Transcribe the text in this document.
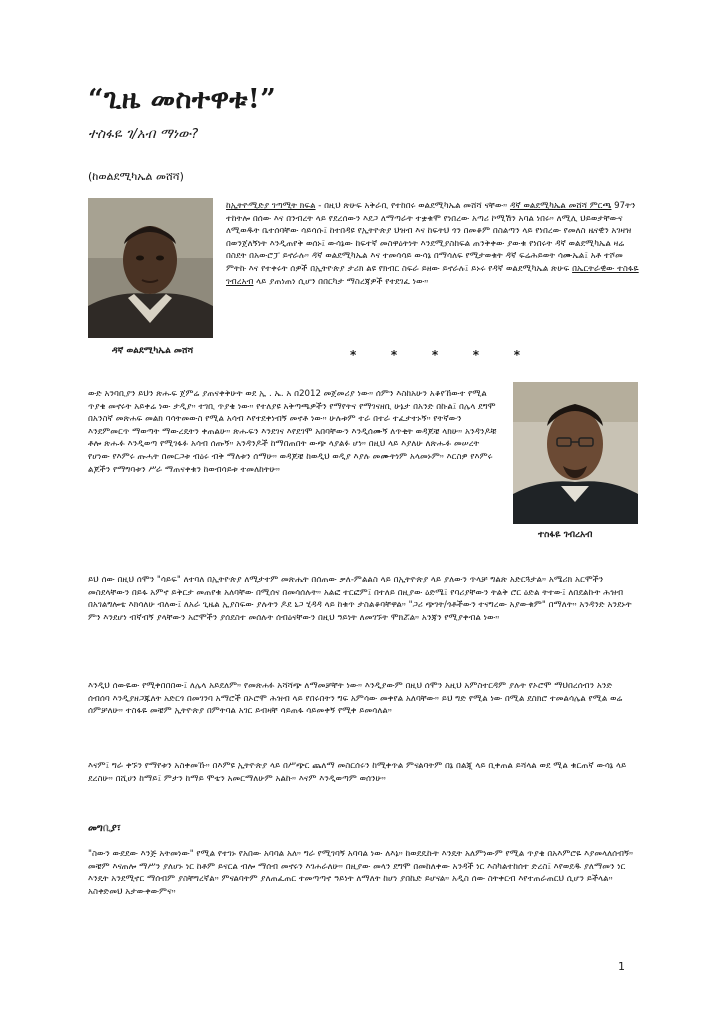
“ጊዜ መስተዋቱ!”

ተስፋዬ ገ/አብ ማነው?

(ከወልደሚካኤል መሸሻ)

ዳኛ ወልደሚካኤል መሸሻ

ከኢትዮሚድያ ገጣሚት ክፍል - በዚህ ጽሁፍ አቅራቢ የተከበሩ ወልደሚካኤል መሸሻ ናቸው። ዳኛ ወልደሚካኤል መሸሻ ምርጫ 97ትን ተከትሎ በሰው እና በንብረት ላይ የደረሰውን እደጋ ለማጣራት ተቋቁሞ የነበረው አጣሪ ኮሚሽን አባል ነበሩ። ለሚሊ ህይወታቸውና ለሚወዱት ቤተሰባቸው ሳይሳሱ፤ ከተበዳዩ የኢትዮጵያ ህዝብ እና ከፍትህ ጎን በመቆም በስልጣን ላይ የነበረው የመለስ ዜናዊን አገዛዝ በወንጀለኝነት እንዲጠየቅ ወሰኑ፤ ውሳኔው ከፍተኛ መስዋዕትነት እንደሚያስከፍል ጠንቅቀው ያውቁ የነበሩት ዳኛ ወልደሚካኤል ዛሬ በስደት በአውሮፓ ይኖራሉ። ዳኛ ወልደሚካኤል እና ተመሳሳይ ውሳኔ በማሳለፍ የሚታወቁት ዳኛ ፍሬሕይወት ሳሙኤል፤ አቶ ተሾመ ምትኩ እና የተቀሩት ሰዎች በኢትዮጵያ ታሪክ ልዩ የክብር ስፍራ ይዘው ይኖራሉ፤ ይኑሩ የዳኛ ወልደሚካኤል ጽሁፍ በኤርትራዊው ተስፋዬ ገብረአብ ላይ ያጠነጠነ ሲሆን በበርካታ ማስረጃዎች የተደገፈ ነው።

*	*	*	*	*
ተስፋዬ ገብረአብ

ውድ አንባቢያን ይህን ጽሑፍ ጀምሬ ያጠናቀቅሁት ወደ ኢ . ኤ. አ በ2012 መጀመሪያ ነው። ሰምን እስከአሁን አቆየኸውተ የሚል ጥያቄ መኖሩት አይቀሬ ነው ታዲያ። ተገቢ ጥያቄ ነው። የተለያዩ አቅጣጫዎችን የማየትና የማገናዘቢ ሁኔታ በአንድ በኩል፤ በሌላ ደግሞ በአንስኛ መጽሐፍ መልክ ባሳትመውስ የሚል አሳብ እየተደቀነብኝ መኖቶ ነው። ሁሉቱም ተራ በተራ ተፈታተኑኝ። የትኛውን እንደምመርጥ ማወጣት ማውረዴትን ቀጠልሁ። ጽሑፍን እንደገና እየደገሞ አበባቸውን እንዲሰሙኝ ለጥቂት ወዳጆቼ ላክሁ። አንዳንዶቹ ቶሎ ጽሑፉ እንዲወጣ የሚገፋፉ አሳብ ሰጡኝ። አንዳንዶች ከማበጠበት ውጭ ላያልፉ ሆነ። በዚህ ላይ እያለሁ ለጽሑፉ መሠረት የሆነው የእምሩ ጡሓት በመርጋቱ ብዕሩ ብቅ ማለቱን ሰማሁ። ወዳጆቼ ከወዲህ ወዲያ እያሉ መሙትነም አላመኑም። እርስዎ የእምሩ ልጆችን የማግባቱን ሥራ ማጠናቀቁን ከወብሳይቱ ተመለከትሁ።

ይህ ሰው በዚህ ሰሞን "ሳይፍ" ለተባለ በኢትዮጵያ ለሚታተም መጽሔት በሰጠው ቃለ-ምልልስ ላይ በኢትዮጵያ ላይ ያለውን ጥላቻ ግልጽ አድርጓታል። አሜሪክ አርሞችን መስደላቸውን በይፋ አምኖ ይቅርታ መጠየቁ አለባቸው በሚሰና በመሳሰሉት። አልፎ ተርፎም፤ በተለይ በዚያው ዕድሜ፤ የባሪያቸውን ትልቅ ሮር ዕድል ትተው፤ ለበደልኩት ሕዝብ በአገልግሎቴ እክሳለሁ ብለው፤ ለአራ ጊዜል ኢያስፍው ያሉትን ዶደ ኒጋ ሂዳዳ ላይ ከቁጥ ታስልቆባቸዋል። "ጋሪ ጭገት/ጎቶችውን ተናግረው አያውቁም" በማለት። አንዳንድ አንደኑት ምን እንደሆነ ብኛብኝ ያላቸውን አሮሞችን ያሰደስተ መሰሉት ሰብዕናቸውን በዚህ ዓይነት ለመገኙት ሞክሯል። አንጃን የሚያቀብል ነው።

እንዲህ ሰውዬው የሚቀበበበው፤ ለሌላ አይደለም። የመጽሐፉ አሻሻጭ ለማመቻቸት ነው። እንዲያውም በዚህ ሰሞን አዚህ አምስተርዳም ያሉት የኦሮሞ ማህበረሰብን አንድ ሰብሰባ እንዲያዘጋጁለት አድርጎ በመገንባ አማሮች በኦሮሞ ሕዝብ ላይ የበሩበትን ግፍ አምሳው መቀየል አለባቸው። ይህ ግድ የሚል ነው በሚል ደስክሮ ተመልሳሌል የሚል ወሬ ሰምቻለሁ። ተስፋዬ መቼም ኢትዮጵያ በምትባል አገር ይብዛቸ ሳይጠፋ ሳይመቀኝ የሚቀ ይመሳለል።

እናም፤ ግራ ቀኙን የማየቱን አስቀመኹ። በእምዩ ኢትዮጵያ ላይ በሥጭር ጨለማ መስርሰሩን ከሚቀጥል ምናልባትም በኔ በልጂ ላይ ቢቀጠል ይሻላል ወደ ሚል ቁርጠኛ ውሳኔ ላይ ደረስሁ። በሺሀን ከማይ፤ ምታን ከማይ ሞቴን አመርማለሁም አልኩ። እናም እንዲወጣም ወሰንሁ።

መግቢያ፣

"ስውን ውደደው እንጅ አትመነው" የሚል የተገኑ የአበው አባባል አለ። ግራ የሚገባኝ አባባል ነው ለእኔ። ከወደዴኩት እንዴት አለምነውም የሚል ጥያቄ በአእምሮዬ እያመላለሰብኝ። መቼም እናጠሎ ማሥን ያለሆኑ ነር ከቶም ይናርል ብሎ ማሰብ መኖሩን እገሐራለሁ። በዚያው መላን ደግሞ በመከለቀው አንዳች ነር እስካልተከሰተ ድረስ፤ እየወደዱ ያለማመን ነር እንዴት አንደሚኖር ማሰብም ያስቸግረኛል። ምናልባትም ያለጠፈጠር ተመጣጣኖ ዓይነት ለማለት ከሆነ ያበኬድ ይሆናል። አዲስ ሰው ስትቀርብ እየተጠራጠርህ ሲሆን ይችላል። አስቀድመህ አታውቀውምና።

1
